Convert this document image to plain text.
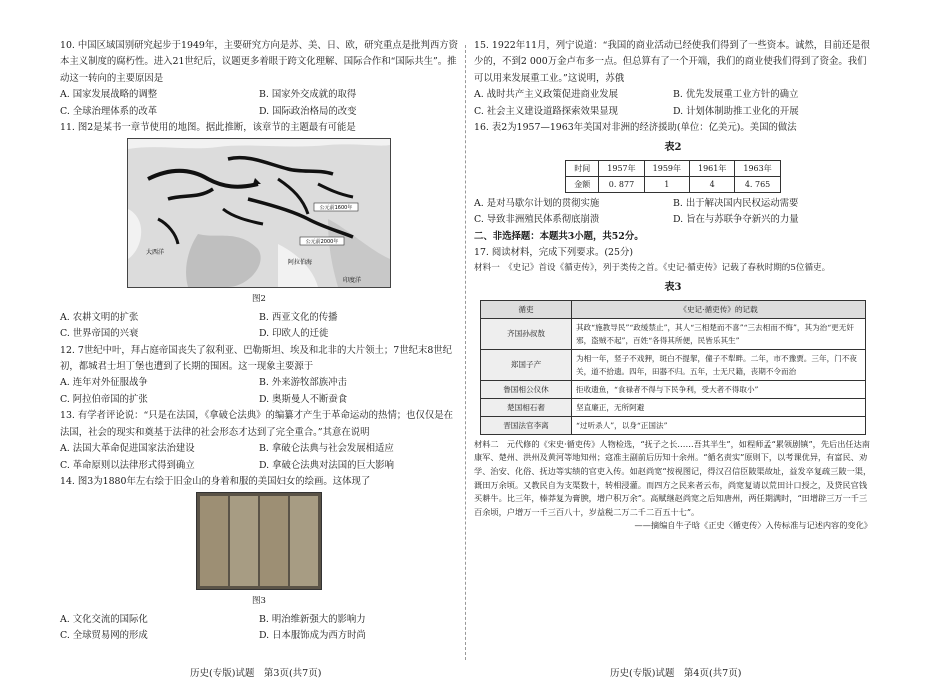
10. 中国区域国别研究起步于1949年，主要研究方向是苏、美、日、欧，研究重点是批判西方资本主义制度的腐朽性。进入21世纪后，议题更多着眼于跨文化理解、国际合作和“国际共生”。推动这一转向的主要原因是

A. 国家发展战略的调整	B. 国家外交成就的取得
C. 全球治理体系的改革	D. 国际政治格局的改变

11. 图2是某书一章节使用的地图。据此推断，该章节的主题最有可能是

公元前1600年
公元前2000年
大西洋
阿拉伯海
印度洋

图2

A. 农耕文明的扩张	B. 西亚文化的传播
C. 世界帝国的兴衰	D. 印欧人的迁徙

12. 7世纪中叶，拜占庭帝国丧失了叙利亚、巴勒斯坦、埃及和北非的大片领土；7世纪末8世纪初，都城君士坦丁堡也遭到了长期的围困。这一现象主要源于

A. 连年对外征服战争	B. 外来游牧部族冲击
C. 阿拉伯帝国的扩张	D. 奥斯曼人不断蚕食

13. 有学者评论说：“只是在法国，《拿破仑法典》的编纂才产生于革命运动的热情；也仅仅是在法国，社会的现实和奠基于法律的社会形态才达到了完全重合。”其意在说明

A. 法国大革命促进国家法治建设	B. 拿破仑法典与社会发展相适应
C. 革命原则以法律形式得到确立	D. 拿破仑法典对法国的巨大影响

14. 图3为1880年左右绘于旧金山的身着和服的美国妇女的绘画。这体现了

图3

A. 文化交流的国际化	B. 明治维新强大的影响力
C. 全球贸易网的形成	D. 日本服饰成为西方时尚

15. 1922年11月，列宁说道：“我国的商业活动已经使我们得到了一些资本。诚然，目前还是很少的，不到2 000万金卢布多一点。但总算有了一个开端，我们的商业使我们得到了资金。我们可以用来发展重工业。”这说明，苏俄

A. 战时共产主义政策促进商业发展	B. 优先发展重工业方针的确立
C. 社会主义建设道路探索效果显现	D. 计划体制助推工业化的开展

16. 表2为1957—1963年美国对非洲的经济援助(单位：亿美元)。美国的做法

表2

时间	1957年	1959年	1961年	1963年
金额	0. 877	1	4	4. 765
A. 是对马歇尔计划的贯彻实施	B. 出于解决国内民权运动需要
C. 导致非洲殖民体系彻底崩溃	D. 旨在与苏联争夺新兴的力量

二、非选择题：本题共3小题，共52分。

17. 阅读材料，完成下列要求。(25分)

材料一　《史记》首设《循吏传》，列于类传之首。《史记·循吏传》记载了春秋时期的5位循吏。

表3

循吏	《史记·循吏传》的记载
齐国孙叔敖	其政“施教导民”“政缓禁止”，其人“三相楚而不喜”“三去相而不悔”，其为治“更无奸邪，盗贼不起”，百姓“各得其所便，民皆乐其生”
郑国子产	为相一年，竖子不戏狎，斑白不提挈，僮子不犁畔。二年，市不豫贾。三年，门不夜关，道不拾遗。四年，田器不归。五年，士无尺籍，丧期不令而治
鲁国相公仪休	拒收遗鱼，“食禄者不得与下民争利，受大者不得取小”
楚国相石奢	坚直廉正，无所阿避
晋国法官李离	“过听杀人”，以身“正国法”

材料二　元代修的《宋史·循吏传》人物检选，“抚子之长……吾其半生”，如程师孟“累领剧镇”，先后出任达南康军、楚州、洪州及黄河等地知州；寇准主副前后历知十余州。“循名责实”原则下，以考课优异，有富民、劝学、治安、化俗、抚边等实绩的官吏入传。如赵尚宽“按视图记，得汉召信臣陂渠故址，益发卒复疏三陂一渠，溉田万余顷。又教民自为支渠数十，转相浸灌。而四方之民来者云布，尚宽复请以荒田计口授之，及贷民官钱买耕牛。比三年，榛莽复为膏腴，增户积万余”。高赋继赵尚宽之后知唐州，两任期满时，“田增辟三万一千三百余顷，户增万一千三百八十，岁益税二万二千二百五十七”。

——摘编自牛子晗《正史〈循吏传〉入传标准与记述内容的变化》

历史(专版)试题　第3页(共7页)	历史(专版)试题　第4页(共7页)
